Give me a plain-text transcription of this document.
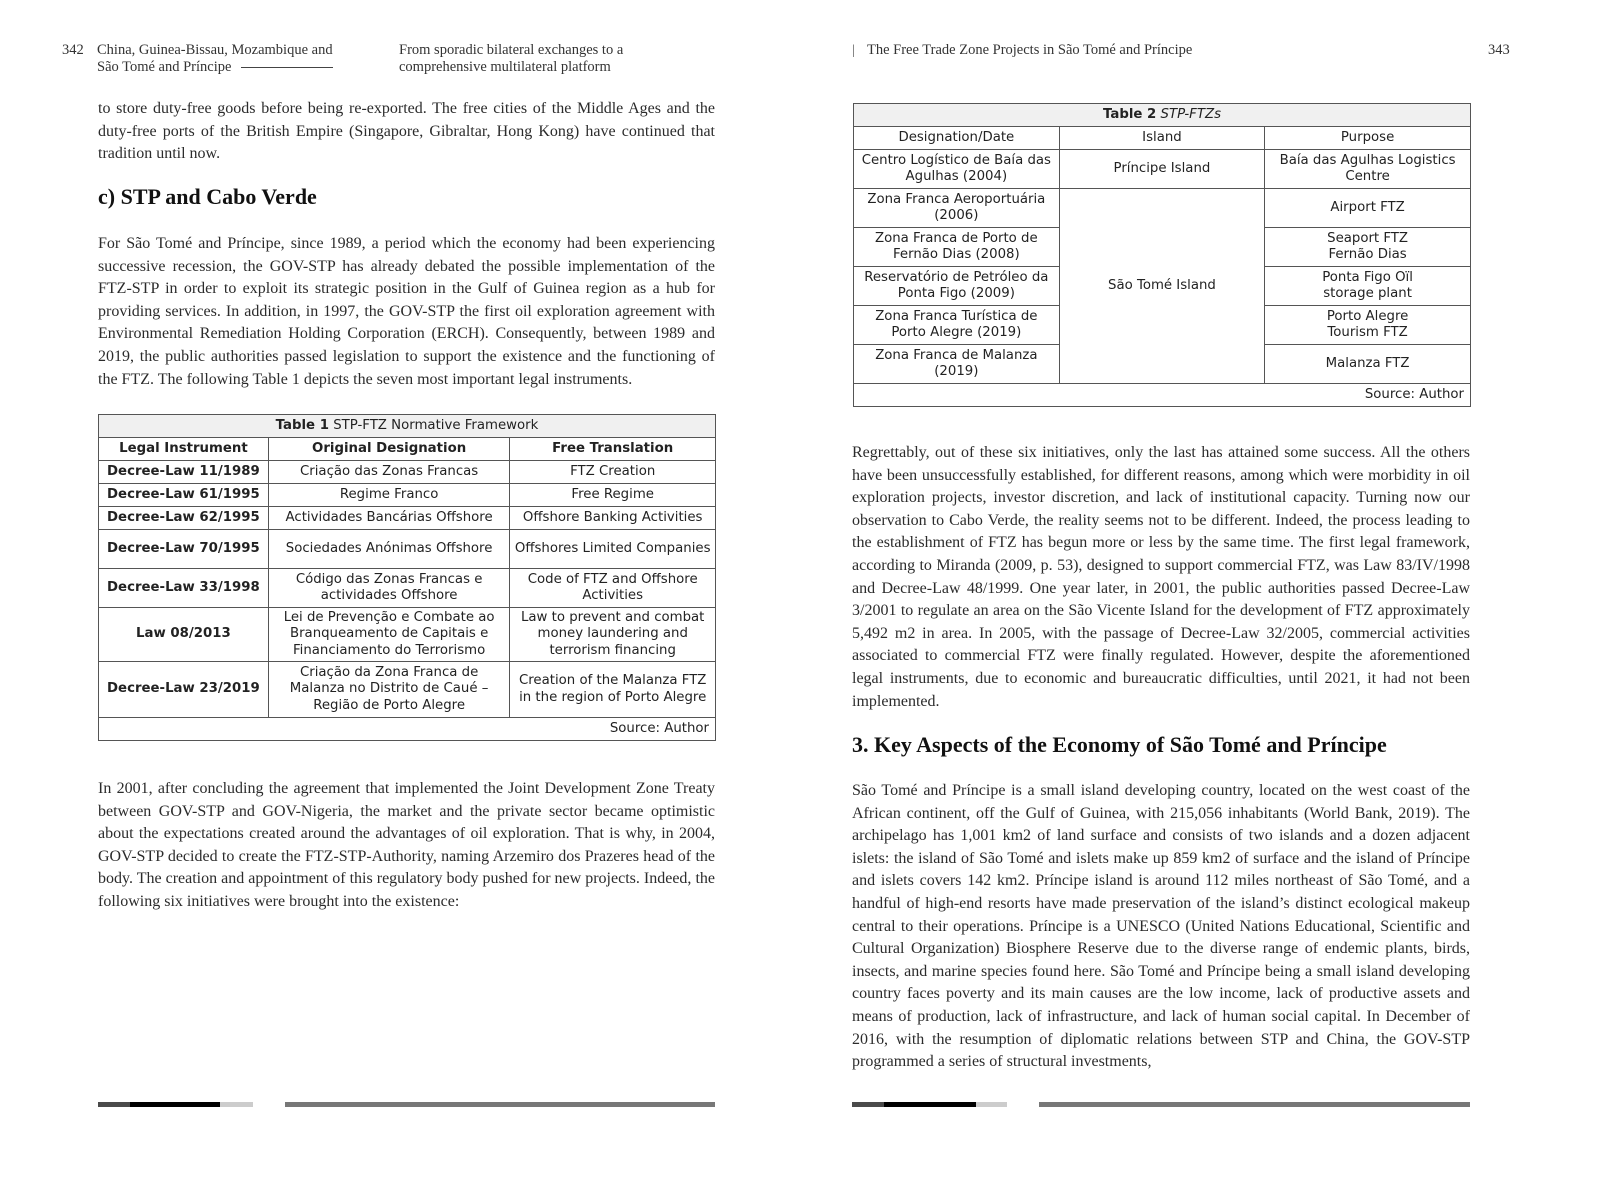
342 China, Guinea-Bissau, Mozambique and
São Tomé and Príncipe
From sporadic bilateral exchanges to a
comprehensive multilateral platform

to store duty-free goods before being re-exported. The free cities of the Middle Ages and the duty-free ports of the British Empire (Singapore, Gibraltar, Hong Kong) have continued that tradition until now.

c) STP and Cabo Verde

For São Tomé and Príncipe, since 1989, a period which the economy had been experiencing successive recession, the GOV-STP has already debated the possible implementation of the FTZ-STP in order to exploit its strategic position in the Gulf of Guinea region as a hub for providing services. In addition, in 1997, the GOV-STP the first oil exploration agreement with Environmental Remediation Holding Corporation (ERCH). Consequently, between 1989 and 2019, the public authorities passed legislation to support the existence and the functioning of the FTZ. The following Table 1 depicts the seven most important legal instruments.

Table 1 STP-FTZ Normative Framework		
Legal Instrument	Original Designation	Free Translation
Decree-Law 11/1989	Criação das Zonas Francas	FTZ Creation
Decree-Law 61/1995	Regime Franco	Free Regime
Decree-Law 62/1995	Actividades Bancárias Offshore	Offshore Banking Activities
Decree-Law 70/1995	Sociedades Anónimas Offshore	Offshores Limited Companies
Decree-Law 33/1998	Código das Zonas Francas e actividades Offshore	Code of FTZ and Offshore Activities
Law 08/2013	Lei de Prevenção e Combate ao Branqueamento de Capitais e Financiamento do Terrorismo	Law to prevent and combat money laundering and terrorism financing
Decree-Law 23/2019	Criação da Zona Franca de Malanza no Distrito de Caué – Região de Porto Alegre	Creation of the Malanza FTZ in the region of Porto Alegre
Source: Author		

In 2001, after concluding the agreement that implemented the Joint Development Zone Treaty between GOV-STP and GOV-Nigeria, the market and the private sector became optimistic about the expectations created around the advantages of oil exploration. That is why, in 2004, GOV-STP decided to create the FTZ-STP-Authority, naming Arzemiro dos Prazeres head of the body. The creation and appointment of this regulatory body pushed for new projects. Indeed, the following six initiatives were brought into the existence:

| The Free Trade Zone Projects in São Tomé and Príncipe	343
Table 2 STP-FTZs		
Designation/Date	Island	Purpose
Centro Logístico de Baía das Agulhas (2004)	Príncipe Island	Baía das Agulhas Logistics Centre
Zona Franca Aeroportuária (2006)	São Tomé Island	Airport FTZ
Zona Franca de Porto de Fernão Dias (2008)		Seaport FTZ Fernão Dias
Reservatório de Petróleo da Ponta Figo (2009)		Ponta Figo Oïl storage plant
Zona Franca Turística de Porto Alegre (2019)		Porto Alegre Tourism FTZ
Zona Franca de Malanza (2019)		Malanza FTZ
Source: Author		

Regrettably, out of these six initiatives, only the last has attained some success. All the others have been unsuccessfully established, for different reasons, among which were morbidity in oil exploration projects, investor discretion, and lack of institutional capacity. Turning now our observation to Cabo Verde, the reality seems not to be different. Indeed, the process leading to the establishment of FTZ has begun more or less by the same time. The first legal framework, according to Miranda (2009, p. 53), designed to support commercial FTZ, was Law 83/IV/1998 and Decree-Law 48/1999. One year later, in 2001, the public authorities passed Decree-Law 3/2001 to regulate an area on the São Vicente Island for the development of FTZ approximately 5,492 m2 in area. In 2005, with the passage of Decree-Law 32/2005, commercial activities associated to commercial FTZ were finally regulated. However, despite the aforementioned legal instruments, due to economic and bureaucratic difficulties, until 2021, it had not been implemented.

3. Key Aspects of the Economy of São Tomé and Príncipe

São Tomé and Príncipe is a small island developing country, located on the west coast of the African continent, off the Gulf of Guinea, with 215,056 inhabitants (World Bank, 2019). The archipelago has 1,001 km2 of land surface and consists of two islands and a dozen adjacent islets: the island of São Tomé and islets make up 859 km2 of surface and the island of Príncipe and islets covers 142 km2. Príncipe island is around 112 miles northeast of São Tomé, and a handful of high-end resorts have made preservation of the island’s distinct ecological makeup central to their operations. Príncipe is a UNESCO (United Nations Educational, Scientific and Cultural Organization) Biosphere Reserve due to the diverse range of endemic plants, birds, insects, and marine species found here. São Tomé and Príncipe being a small island developing country faces poverty and its main causes are the low income, lack of productive assets and means of production, lack of infrastructure, and lack of human social capital. In December of 2016, with the resumption of diplomatic relations between STP and China, the GOV-STP programmed a series of structural investments,
